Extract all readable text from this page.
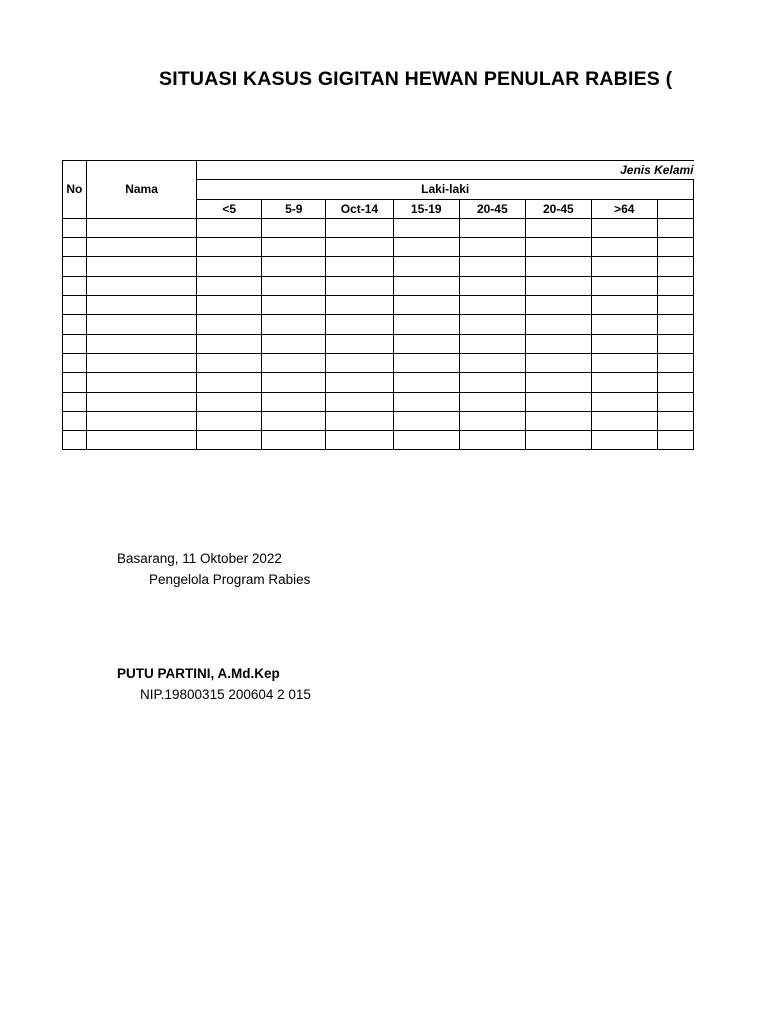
SITUASI KASUS GIGITAN HEWAN PENULAR RABIES (
No	Nama	Jenis Kelami							
		Laki-laki							
		<5	5-9	Oct-14	15-19	20-45	20-45	>64	

Basarang, 11 Oktober 2022
Pengelola Program Rabies
PUTU PARTINI, A.Md.Kep
NIP.19800315 200604 2 015
